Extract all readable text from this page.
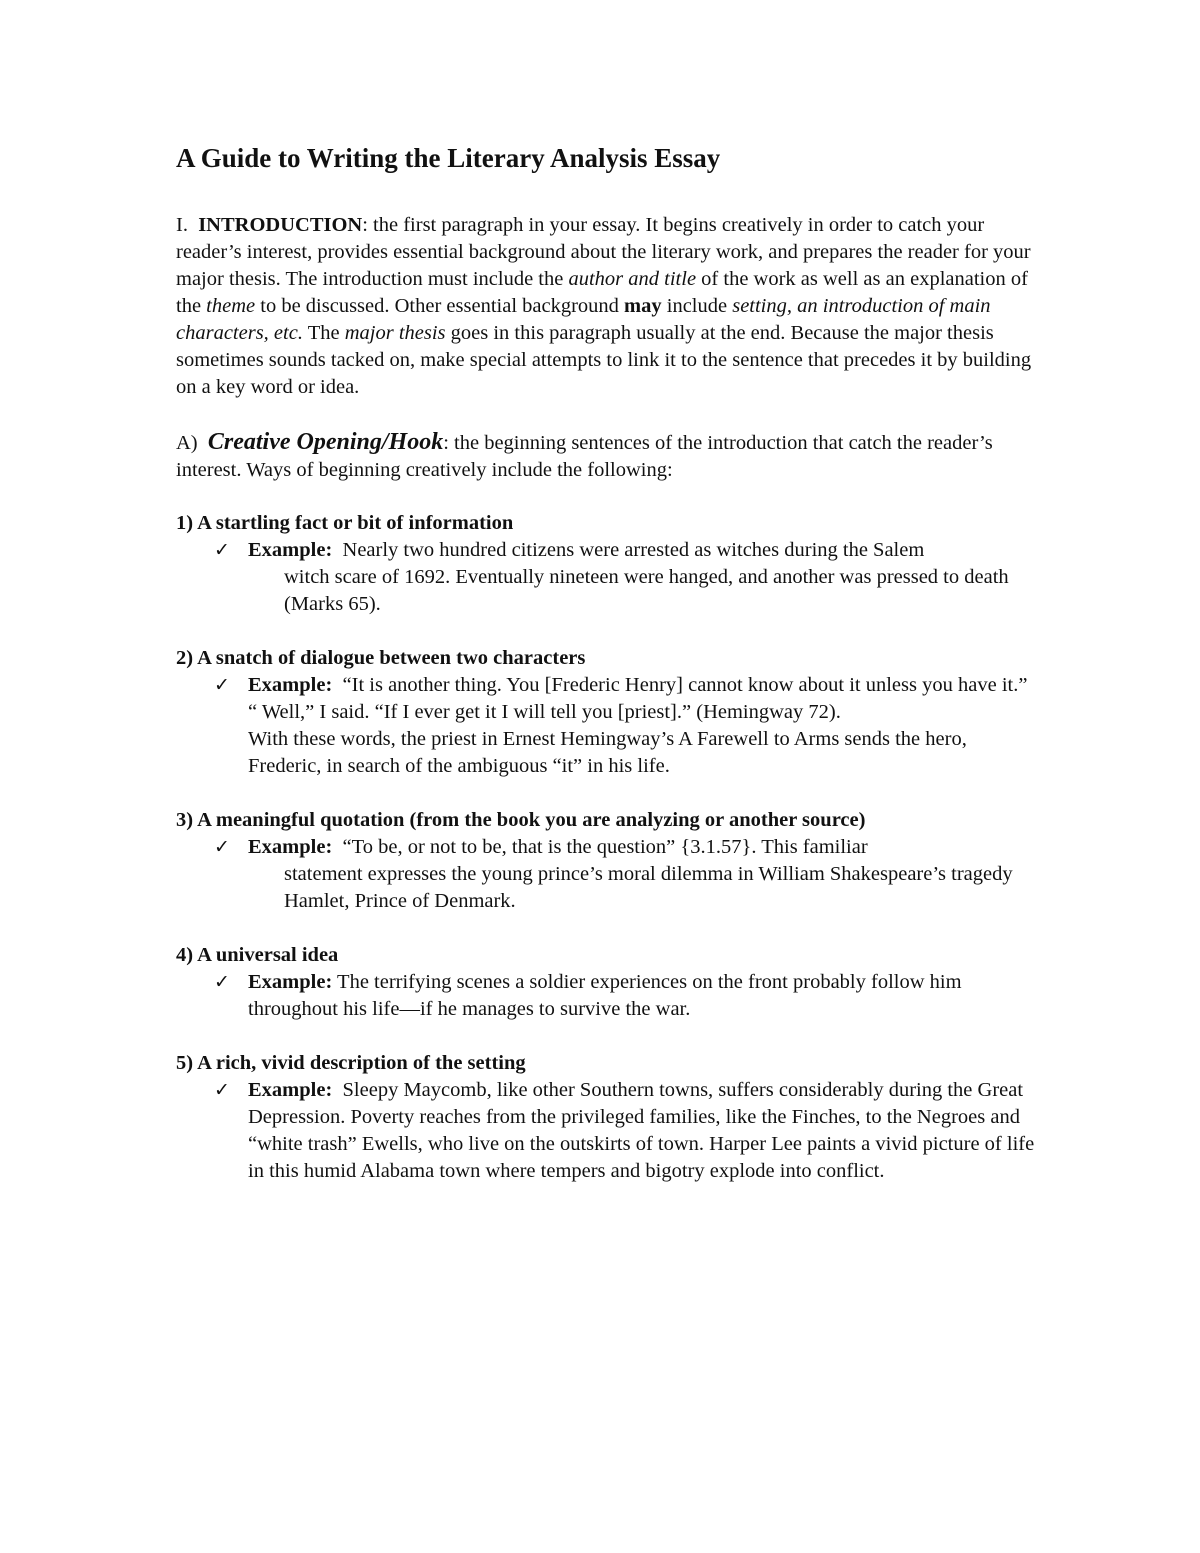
A Guide to Writing the Literary Analysis Essay

I. INTRODUCTION: the first paragraph in your essay. It begins creatively in order to catch your reader’s interest, provides essential background about the literary work, and prepares the reader for your major thesis. The introduction must include the author and title of the work as well as an explanation of the theme to be discussed. Other essential background may include setting, an introduction of main characters, etc. The major thesis goes in this paragraph usually at the end. Because the major thesis sometimes sounds tacked on, make special attempts to link it to the sentence that precedes it by building on a key word or idea.

A) Creative Opening/Hook: the beginning sentences of the introduction that catch the reader’s interest. Ways of beginning creatively include the following:

1) A startling fact or bit of information

✓ Example: Nearly two hundred citizens were arrested as witches during the Salem
witch scare of 1692. Eventually nineteen were hanged, and another was pressed to death (Marks 65).

2) A snatch of dialogue between two characters

✓ Example: “It is another thing. You [Frederic Henry] cannot know about it unless you have it.”
“ Well,” I said. “If I ever get it I will tell you [priest].” (Hemingway 72).
With these words, the priest in Ernest Hemingway’s A Farewell to Arms sends the hero, Frederic, in search of the ambiguous “it” in his life.

3) A meaningful quotation (from the book you are analyzing or another source)

✓ Example: “To be, or not to be, that is the question” {3.1.57}. This familiar
statement expresses the young prince’s moral dilemma in William Shakespeare’s tragedy Hamlet, Prince of Denmark.

4) A universal idea

✓ Example: The terrifying scenes a soldier experiences on the front probably follow him throughout his life—if he manages to survive the war.

5) A rich, vivid description of the setting

✓ Example: Sleepy Maycomb, like other Southern towns, suffers considerably during the Great Depression. Poverty reaches from the privileged families, like the Finches, to the Negroes and “white trash” Ewells, who live on the outskirts of town. Harper Lee paints a vivid picture of life in this humid Alabama town where tempers and bigotry explode into conflict.
